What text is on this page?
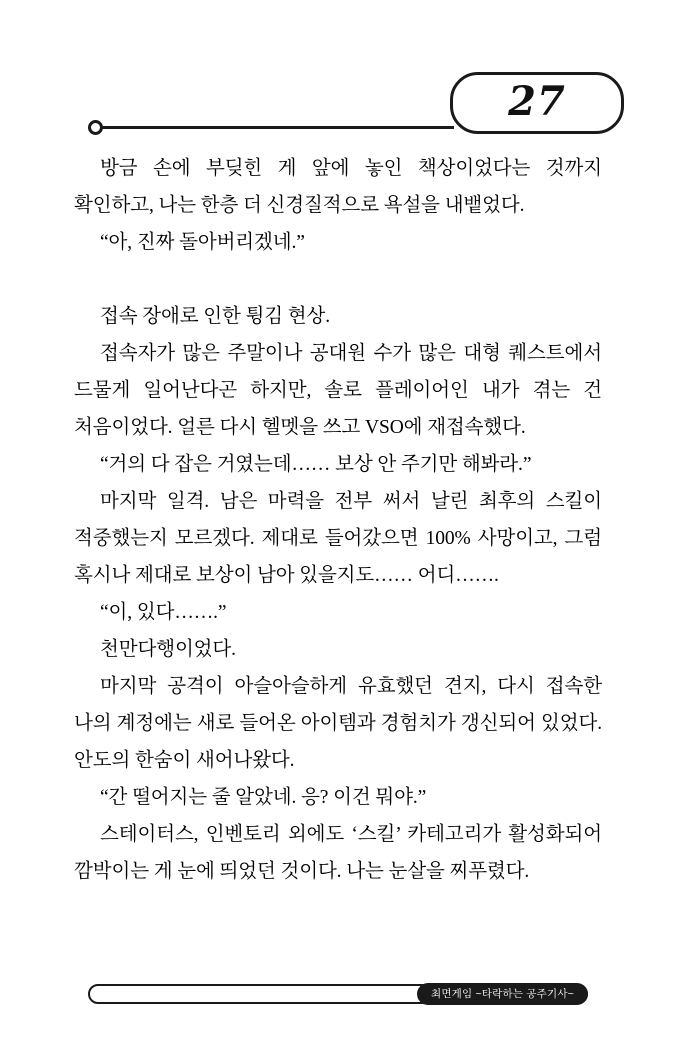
27

방금 손에 부딪힌 게 앞에 놓인 책상이었다는 것까지 확인하고, 나는 한층 더 신경질적으로 욕설을 내뱉었다.

“아, 진짜 돌아버리겠네.”

접속 장애로 인한 튕김 현상.

접속자가 많은 주말이나 공대원 수가 많은 대형 퀘스트에서 드물게 일어난다곤 하지만, 솔로 플레이어인 내가 겪는 건 처음이었다. 얼른 다시 헬멧을 쓰고 VSO에 재접속했다.

“거의 다 잡은 거였는데…… 보상 안 주기만 해봐라.”

마지막 일격. 남은 마력을 전부 써서 날린 최후의 스킬이 적중했는지 모르겠다. 제대로 들어갔으면 100% 사망이고, 그럼 혹시나 제대로 보상이 남아 있을지도…… 어디…….

“이, 있다…….”

천만다행이었다.

마지막 공격이 아슬아슬하게 유효했던 견지, 다시 접속한 나의 계정에는 새로 들어온 아이템과 경험치가 갱신되어 있었다. 안도의 한숨이 새어나왔다.

“간 떨어지는 줄 알았네. 응? 이건 뭐야.”

스테이터스, 인벤토리 외에도 ‘스킬’ 카테고리가 활성화되어 깜박이는 게 눈에 띄었던 것이다. 나는 눈살을 찌푸렸다.

최면게임 ~타락하는 공주기사~
